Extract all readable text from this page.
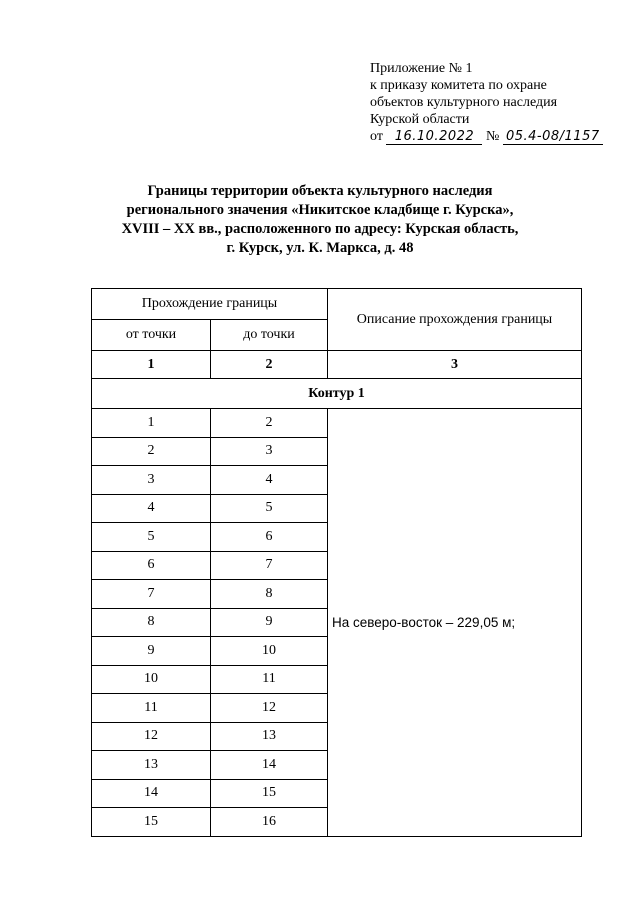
Приложение № 1
к приказу комитета по охране
объектов культурного наследия
Курской области
от 16.10.2022 № 05.4-08/1157
Границы территории объекта культурного наследия
регионального значения «Никитское кладбище г. Курска»,
XVIII – XX вв., расположенного по адресу: Курская область,
г. Курск, ул. К. Маркса, д. 48
Прохождение границы		Описание прохождения границы
от точки	до точки	
1	2	3
Контур 1		
1	2	На северо-восток – 229,05 м;
2	3	
3	4	
4	5	
5	6	
6	7	
7	8	
8	9	
9	10	
10	11	
11	12	
12	13	
13	14	
14	15	
15	16	
